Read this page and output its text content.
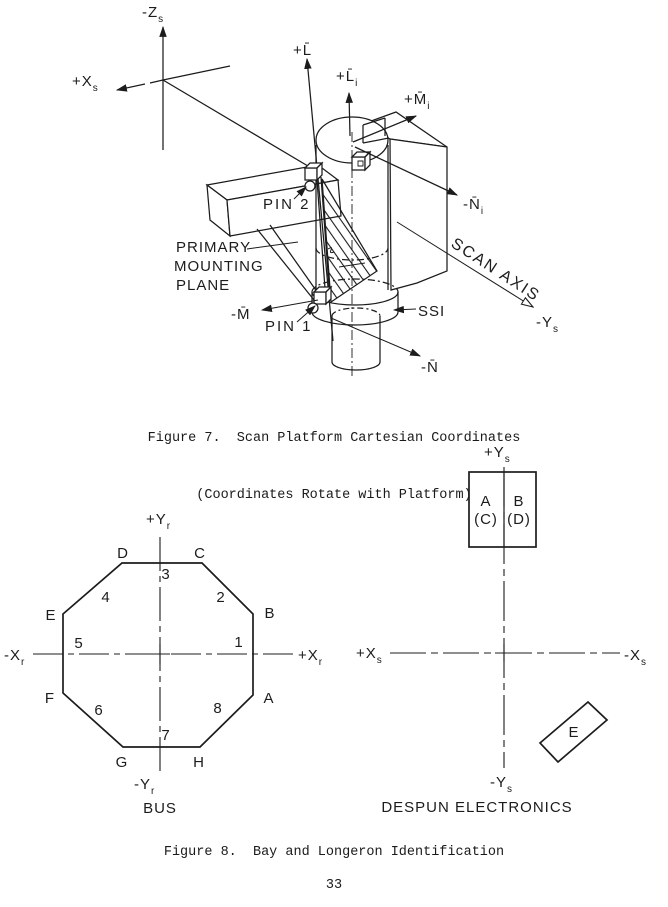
$-Z_s$
$+X_s$
+L̄
$+L̄_i$
$+M̄_i$
$-N̄_i$
-M̄
-N̄
$-Y_s$
PIN 2
PIN 1
PRIMARY
MOUNTING
PLANE
SSI
SCAN AXIS
$+Y_r$
$-Y_r$
$+X_r$
$-X_r$
A
B
C
D
E
F
G	H
1
2
3
4
5
6
7
8
BUS
$+Y_s$
$-Y_s$
$+X_s$	$-X_s$
A
(C)
B
(D)
E
DESPUN ELECTRONICS

Figure 7.  Scan Platform Cartesian Coordinates

(Coordinates Rotate with Platform)

Figure 8.  Bay and Longeron Identification
33
